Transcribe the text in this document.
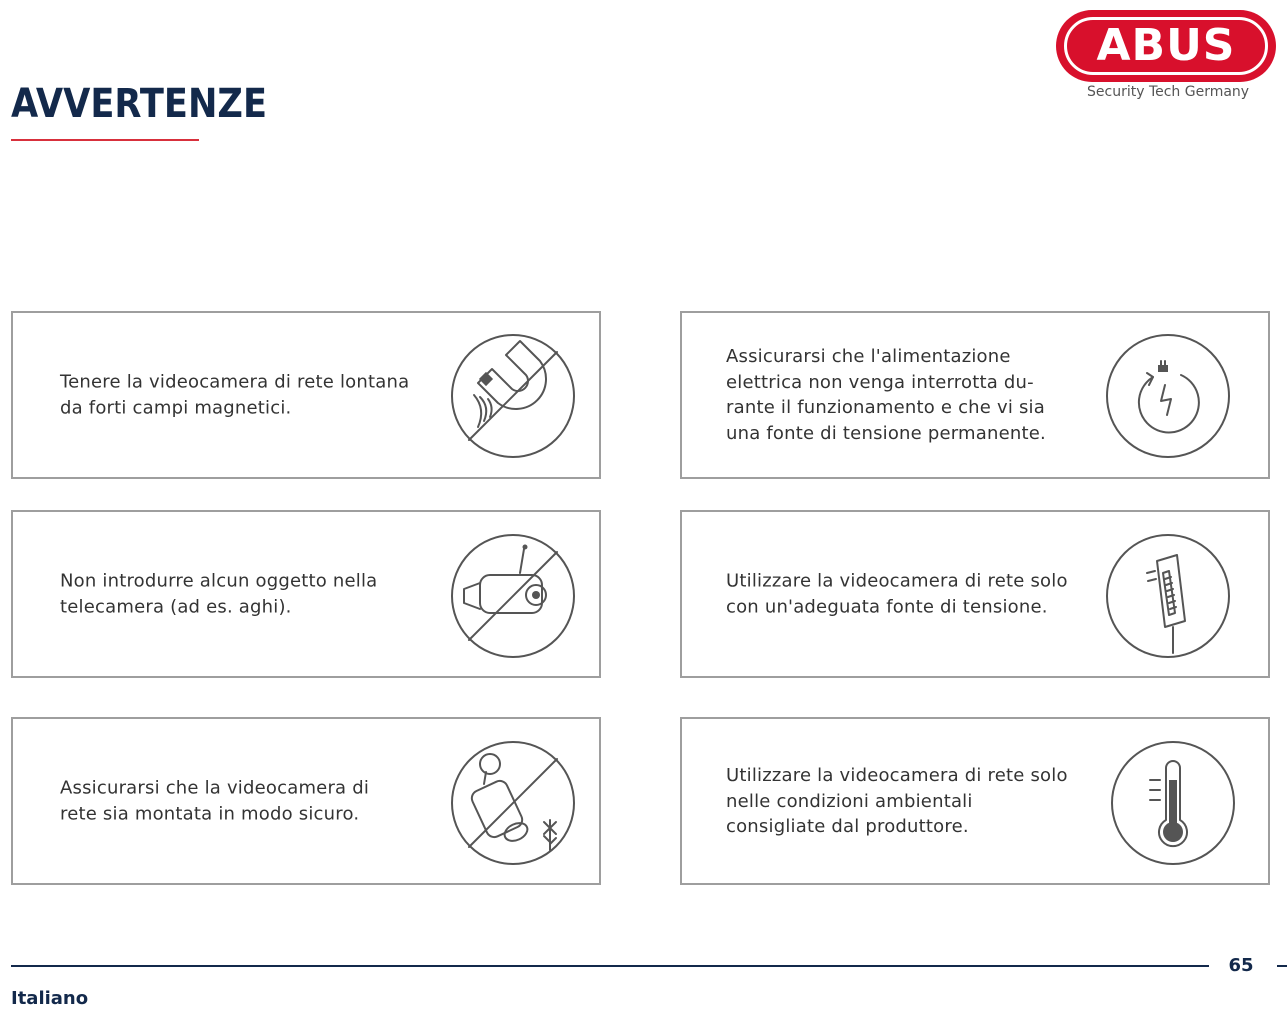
AVVERTENZE
ABUS
Security Tech Germany
Tenere la videocamera di rete lontana da forti campi magnetici.
Assicurarsi che l'alimentazione elettrica non venga interrotta du-rante il funzionamento e che vi sia una fonte di tensione permanente.
Non introdurre alcun oggetto nella telecamera (ad es. aghi).
Utilizzare la videocamera di rete solo con un'adeguata fonte di tensione.
Assicurarsi che la videocamera di rete sia montata in modo sicuro.
Utilizzare la videocamera di rete solo nelle condizioni ambientali consigliate dal produttore.
65
Italiano
